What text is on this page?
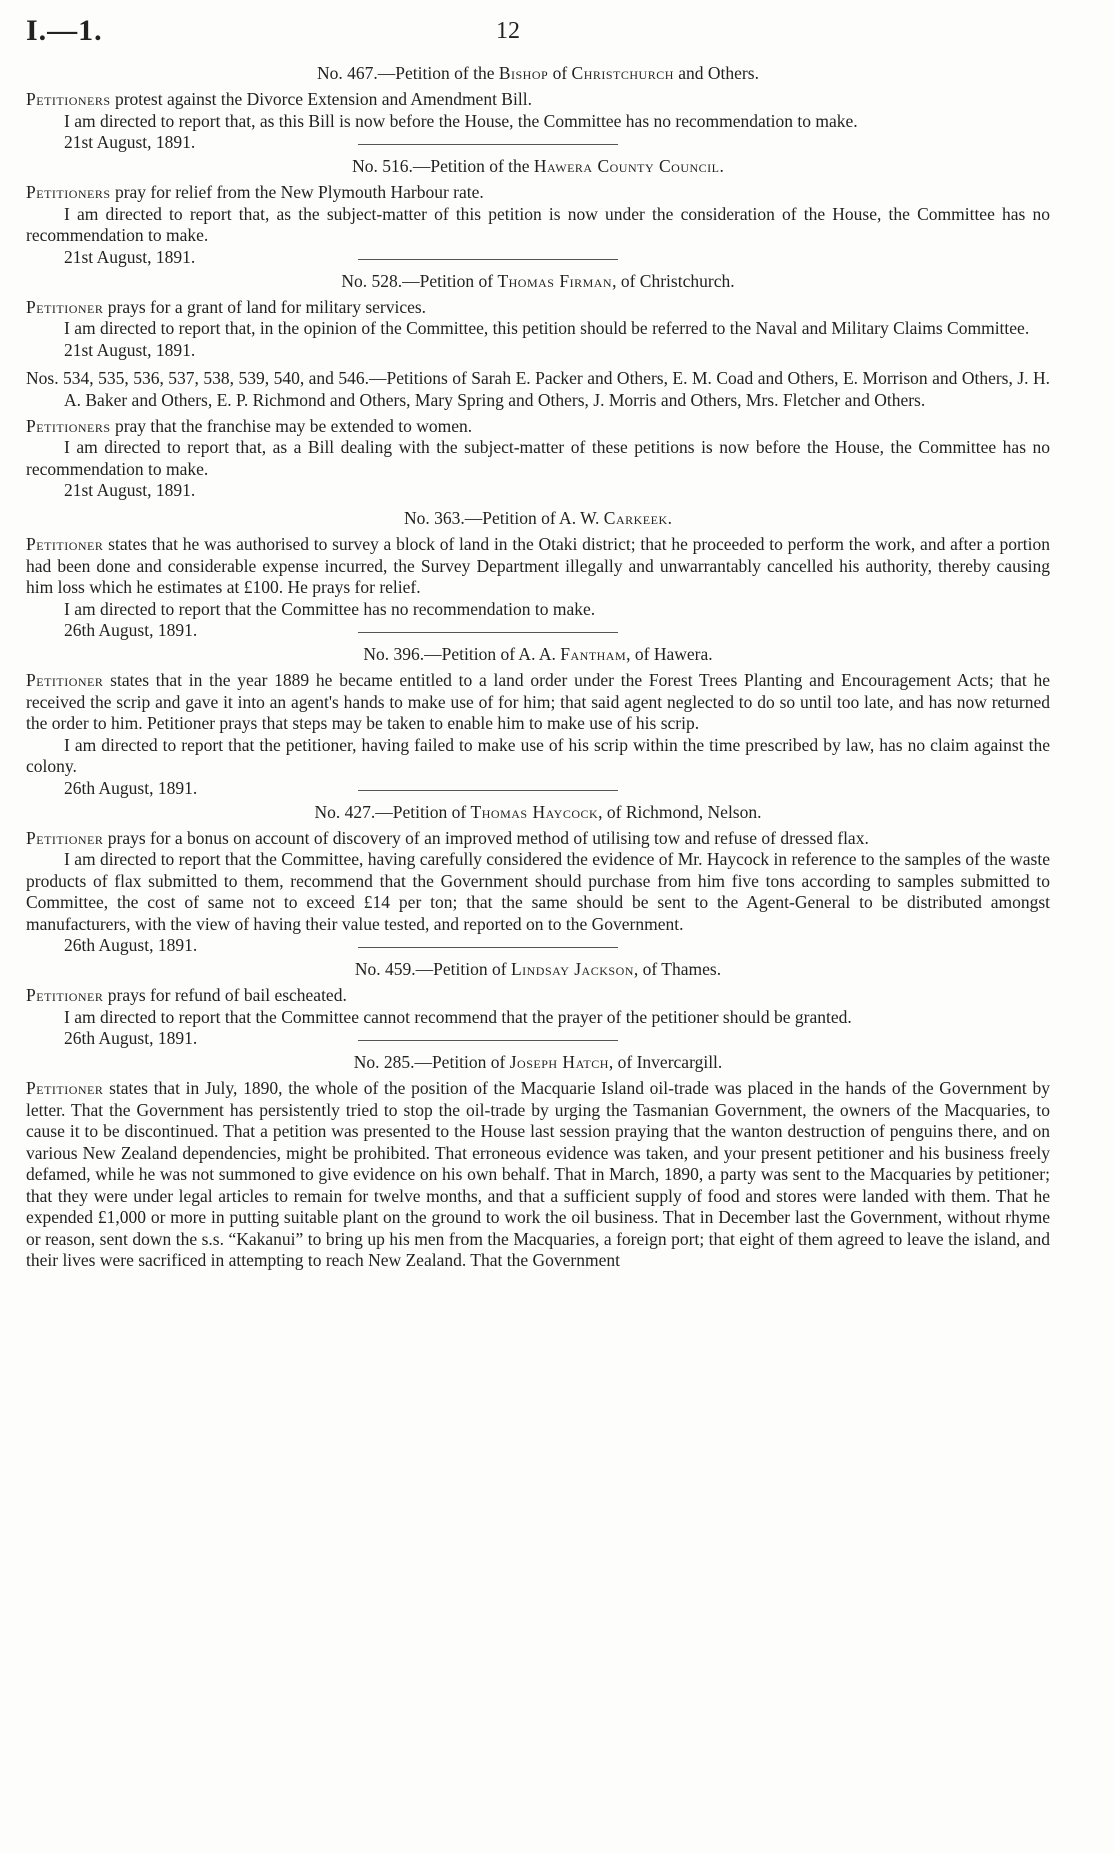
I.—1.	12
No. 467.—Petition of the Bishop of Christchurch and Others.

Petitioners protest against the Divorce Extension and Amendment Bill.

I am directed to report that, as this Bill is now before the House, the Committee has no recommendation to make.

21st August, 1891.

No. 516.—Petition of the Hawera County Council.

Petitioners pray for relief from the New Plymouth Harbour rate.

I am directed to report that, as the subject-matter of this petition is now under the consideration of the House, the Committee has no recommendation to make.

21st August, 1891.

No. 528.—Petition of Thomas Firman, of Christchurch.

Petitioner prays for a grant of land for military services.

I am directed to report that, in the opinion of the Committee, this petition should be referred to the Naval and Military Claims Committee.

21st August, 1891.

Nos. 534, 535, 536, 537, 538, 539, 540, and 546.—Petitions of Sarah E. Packer and Others, E. M. Coad and Others, E. Morrison and Others, J. H. A. Baker and Others, E. P. Richmond and Others, Mary Spring and Others, J. Morris and Others, Mrs. Fletcher and Others.

Petitioners pray that the franchise may be extended to women.

I am directed to report that, as a Bill dealing with the subject-matter of these petitions is now before the House, the Committee has no recommendation to make.

21st August, 1891.

No. 363.—Petition of A. W. Carkeek.

Petitioner states that he was authorised to survey a block of land in the Otaki district; that he proceeded to perform the work, and after a portion had been done and considerable expense incurred, the Survey Department illegally and unwarrantably cancelled his authority, thereby causing him loss which he estimates at £100. He prays for relief.

I am directed to report that the Committee has no recommendation to make.

26th August, 1891.

No. 396.—Petition of A. A. Fantham, of Hawera.

Petitioner states that in the year 1889 he became entitled to a land order under the Forest Trees Planting and Encouragement Acts; that he received the scrip and gave it into an agent's hands to make use of for him; that said agent neglected to do so until too late, and has now returned the order to him. Petitioner prays that steps may be taken to enable him to make use of his scrip.

I am directed to report that the petitioner, having failed to make use of his scrip within the time prescribed by law, has no claim against the colony.

26th August, 1891.

No. 427.—Petition of Thomas Haycock, of Richmond, Nelson.

Petitioner prays for a bonus on account of discovery of an improved method of utilising tow and refuse of dressed flax.

I am directed to report that the Committee, having carefully considered the evidence of Mr. Haycock in reference to the samples of the waste products of flax submitted to them, recommend that the Government should purchase from him five tons according to samples submitted to Committee, the cost of same not to exceed £14 per ton; that the same should be sent to the Agent-General to be distributed amongst manufacturers, with the view of having their value tested, and reported on to the Government.

26th August, 1891.

No. 459.—Petition of Lindsay Jackson, of Thames.

Petitioner prays for refund of bail escheated.

I am directed to report that the Committee cannot recommend that the prayer of the petitioner should be granted.

26th August, 1891.

No. 285.—Petition of Joseph Hatch, of Invercargill.

Petitioner states that in July, 1890, the whole of the position of the Macquarie Island oil-trade was placed in the hands of the Government by letter. That the Government has persistently tried to stop the oil-trade by urging the Tasmanian Government, the owners of the Macquaries, to cause it to be discontinued. That a petition was presented to the House last session praying that the wanton destruction of penguins there, and on various New Zealand dependencies, might be prohibited. That erroneous evidence was taken, and your present petitioner and his business freely defamed, while he was not summoned to give evidence on his own behalf. That in March, 1890, a party was sent to the Macquaries by petitioner; that they were under legal articles to remain for twelve months, and that a sufficient supply of food and stores were landed with them. That he expended £1,000 or more in putting suitable plant on the ground to work the oil business. That in December last the Government, without rhyme or reason, sent down the s.s. “Kakanui” to bring up his men from the Macquaries, a foreign port; that eight of them agreed to leave the island, and their lives were sacrificed in attempting to reach New Zealand. That the Government
